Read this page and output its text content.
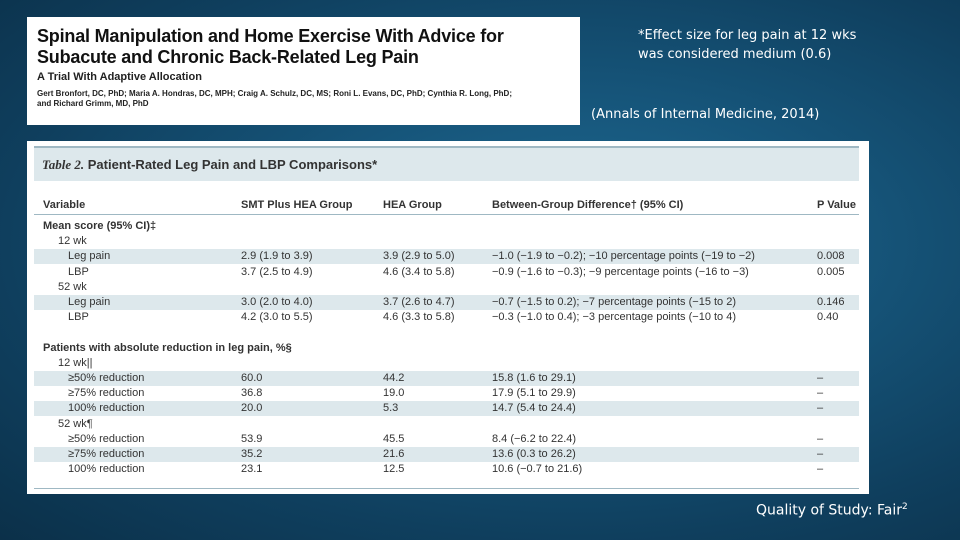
Spinal Manipulation and Home Exercise With Advice for Subacute and Chronic Back-Related Leg Pain
A Trial With Adaptive Allocation
Gert Bronfort, DC, PhD; Maria A. Hondras, DC, MPH; Craig A. Schulz, DC, MS; Roni L. Evans, DC, PhD; Cynthia R. Long, PhD;
and Richard Grimm, MD, PhD
*Effect size for leg pain at 12 wks
was considered medium (0.6)
(Annals of Internal Medicine, 2014)
Table 2. Patient-Rated Leg Pain and LBP Comparisons*
Variable	SMT Plus HEA Group	HEA Group	Between-Group Difference† (95% CI)	P Value
Mean score (95% CI)‡
12 wk
Leg pain	2.9 (1.9 to 3.9)	3.9 (2.9 to 5.0)	−1.0 (−1.9 to −0.2); −10 percentage points (−19 to −2)	0.008
LBP	3.7 (2.5 to 4.9)	4.6 (3.4 to 5.8)	−0.9 (−1.6 to −0.3); −9 percentage points (−16 to −3)	0.005
52 wk
Leg pain	3.0 (2.0 to 4.0)	3.7 (2.6 to 4.7)	−0.7 (−1.5 to 0.2); −7 percentage points (−15 to 2)	0.146
LBP	4.2 (3.0 to 5.5)	4.6 (3.3 to 5.8)	−0.3 (−1.0 to 0.4); −3 percentage points (−10 to 4)	0.40
Patients with absolute reduction in leg pain, %§
12 wk||
≥50% reduction	60.0	44.2	15.8 (1.6 to 29.1)	–
≥75% reduction	36.8	19.0	17.9 (5.1 to 29.9)	–
100% reduction	20.0	5.3	14.7 (5.4 to 24.4)	–
52 wk¶
≥50% reduction	53.9	45.5	8.4 (−6.2 to 22.4)	–
≥75% reduction	35.2	21.6	13.6 (0.3 to 26.2)	–
100% reduction	23.1	12.5	10.6 (−0.7 to 21.6)	–
Quality of Study: Fair$^2$
